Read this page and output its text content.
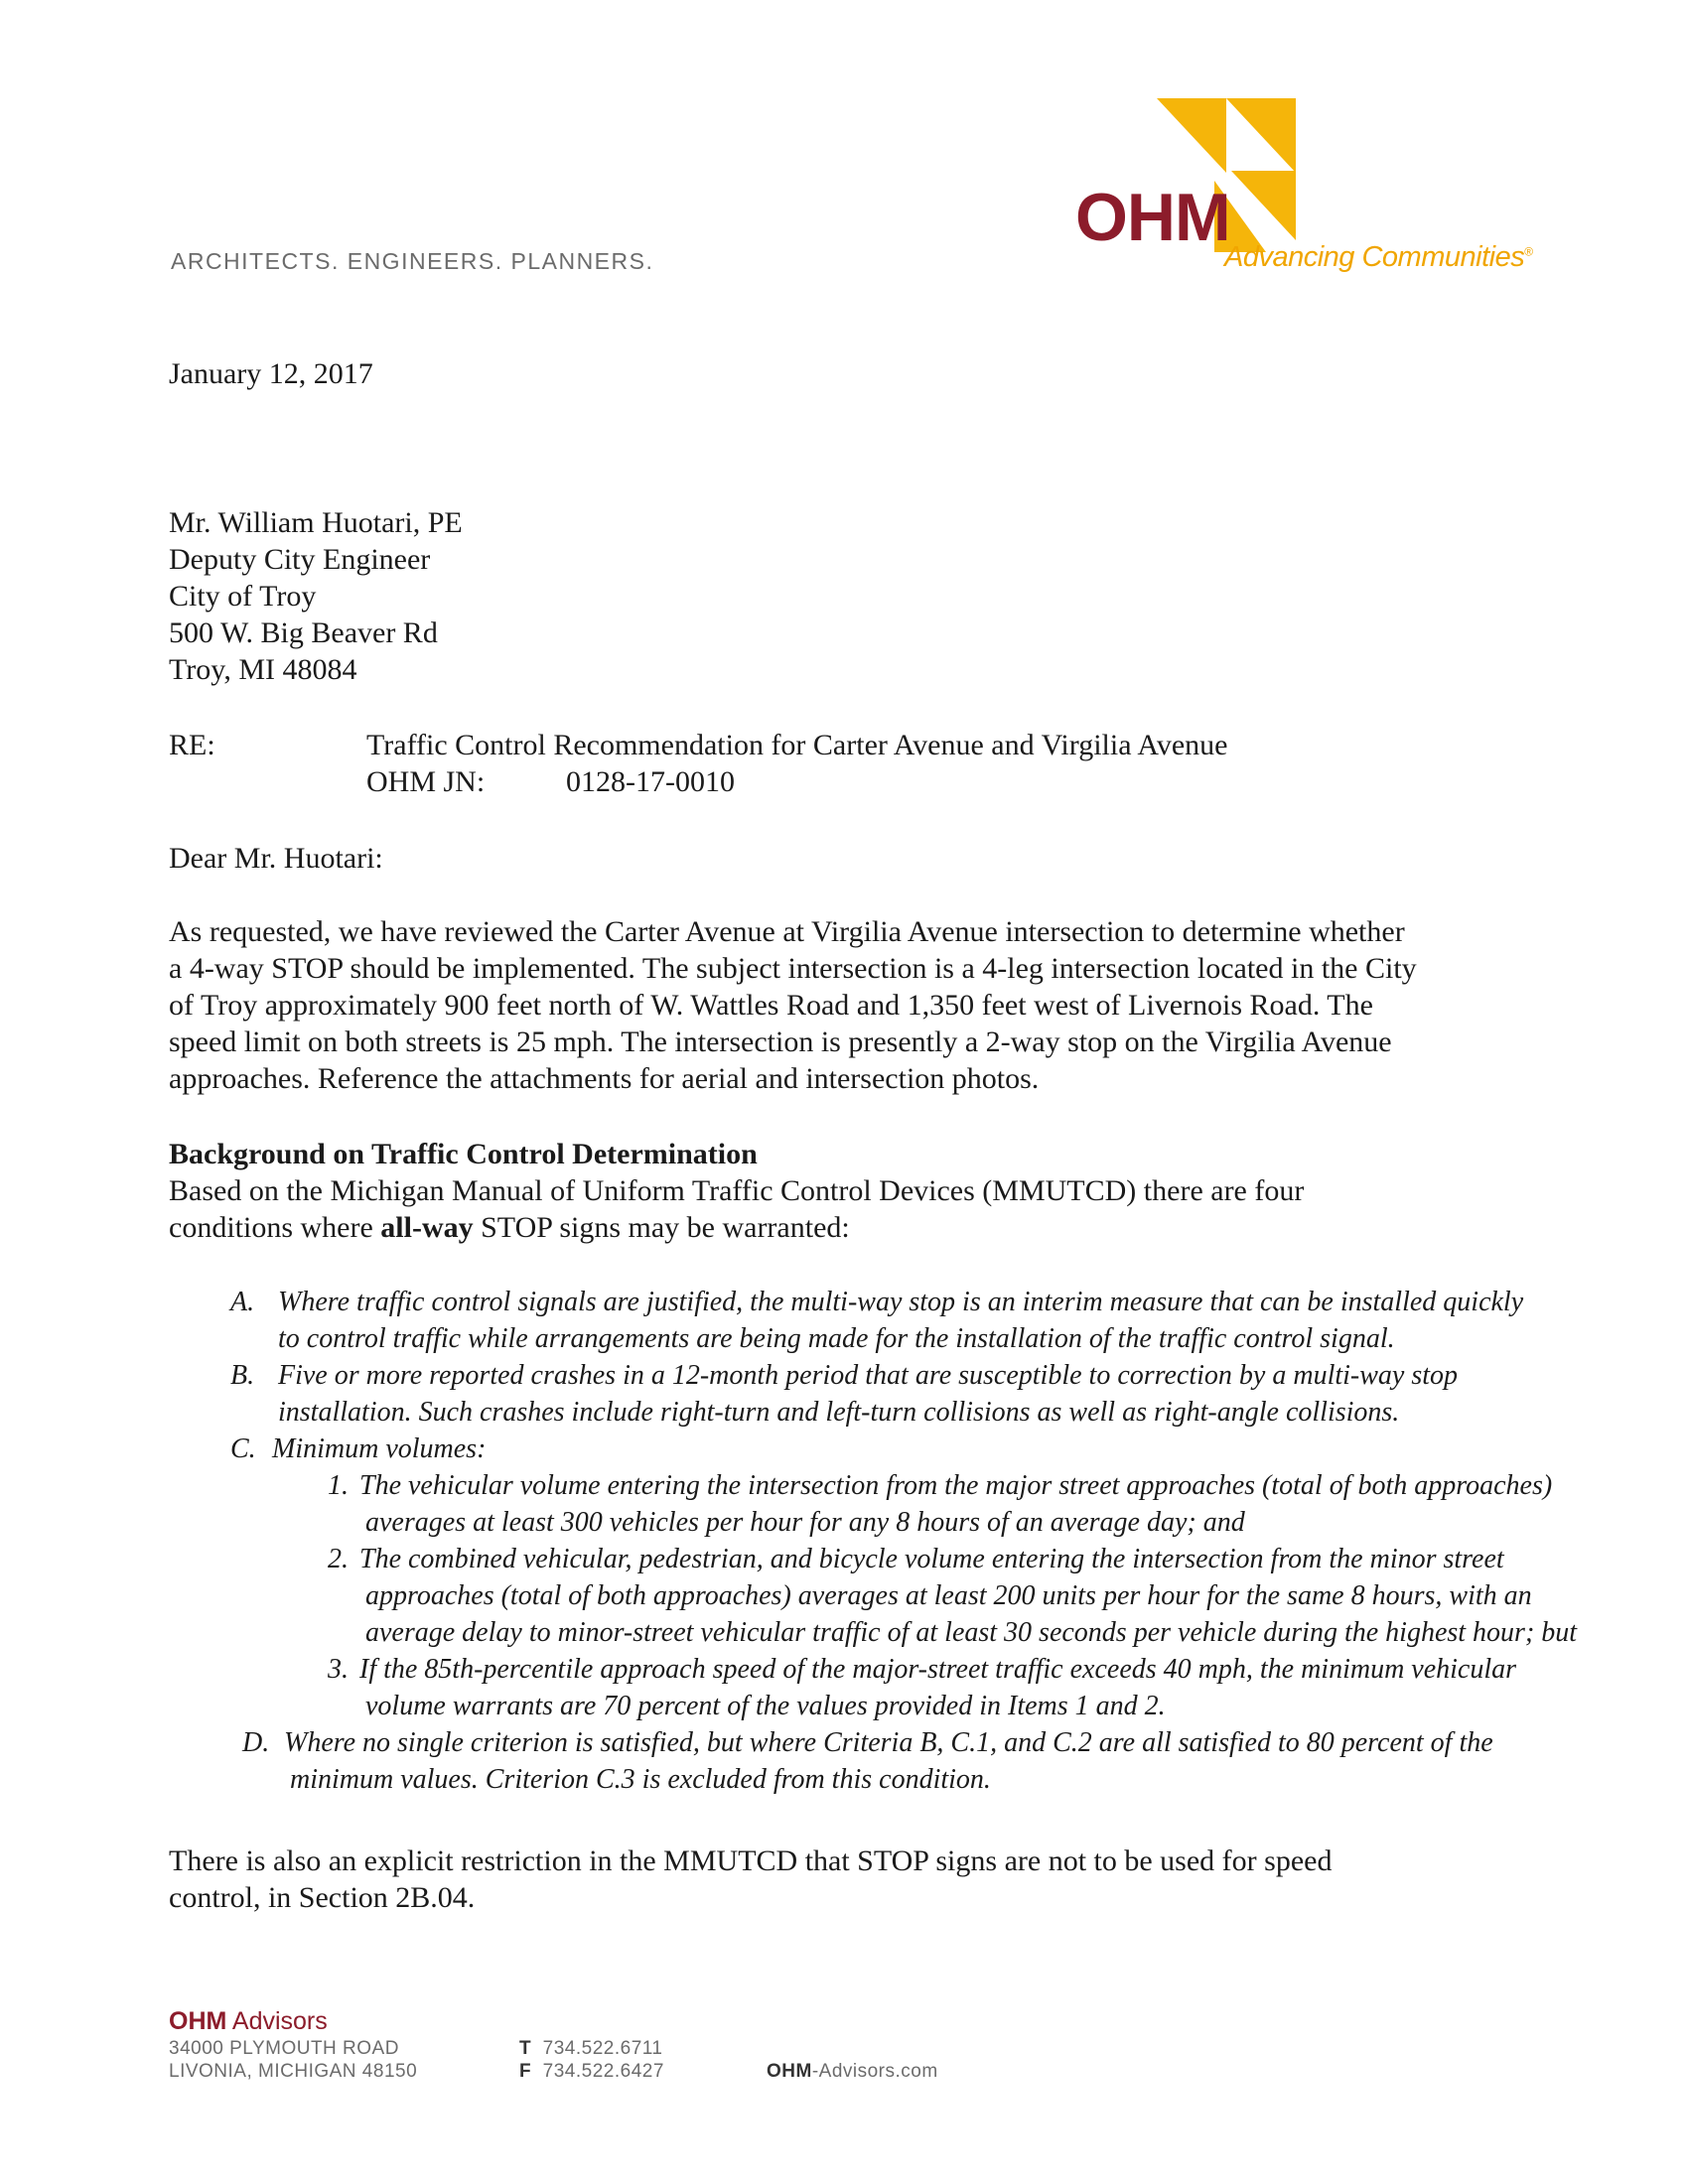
ARCHITECTS. ENGINEERS. PLANNERS.
OHM
Advancing Communities®
January 12, 2017
Mr. William Huotari, PE
Deputy City Engineer
City of Troy
500 W. Big Beaver Rd
Troy, MI 48084
RE:	Traffic Control Recommendation for Carter Avenue and Virgilia Avenue
OHM JN:	0128-17-0010
Dear Mr. Huotari:
As requested, we have reviewed the Carter Avenue at Virgilia Avenue intersection to determine whether
a 4-way STOP should be implemented. The subject intersection is a 4-leg intersection located in the City
of Troy approximately 900 feet north of W. Wattles Road and 1,350 feet west of Livernois Road. The
speed limit on both streets is 25 mph. The intersection is presently a 2-way stop on the Virgilia Avenue
approaches. Reference the attachments for aerial and intersection photos.
Background on Traffic Control Determination
Based on the Michigan Manual of Uniform Traffic Control Devices (MMUTCD) there are four
conditions where all-way STOP signs may be warranted:
A. Where traffic control signals are justified, the multi-way stop is an interim measure that can be installed quickly
to control traffic while arrangements are being made for the installation of the traffic control signal.
B. Five or more reported crashes in a 12-month period that are susceptible to correction by a multi-way stop
installation. Such crashes include right-turn and left-turn collisions as well as right-angle collisions.
C. Minimum volumes:
1. The vehicular volume entering the intersection from the major street approaches (total of both approaches)
averages at least 300 vehicles per hour for any 8 hours of an average day; and
2. The combined vehicular, pedestrian, and bicycle volume entering the intersection from the minor street
approaches (total of both approaches) averages at least 200 units per hour for the same 8 hours, with an
average delay to minor-street vehicular traffic of at least 30 seconds per vehicle during the highest hour; but
3. If the 85th-percentile approach speed of the major-street traffic exceeds 40 mph, the minimum vehicular
volume warrants are 70 percent of the values provided in Items 1 and 2.
D. Where no single criterion is satisfied, but where Criteria B, C.1, and C.2 are all satisfied to 80 percent of the
minimum values. Criterion C.3 is excluded from this condition.
There is also an explicit restriction in the MMUTCD that STOP signs are not to be used for speed
control, in Section 2B.04.
OHM Advisors
34000 PLYMOUTH ROAD
LIVONIA, MICHIGAN 48150
T 734.522.6711
F 734.522.6427	OHM-Advisors.com
